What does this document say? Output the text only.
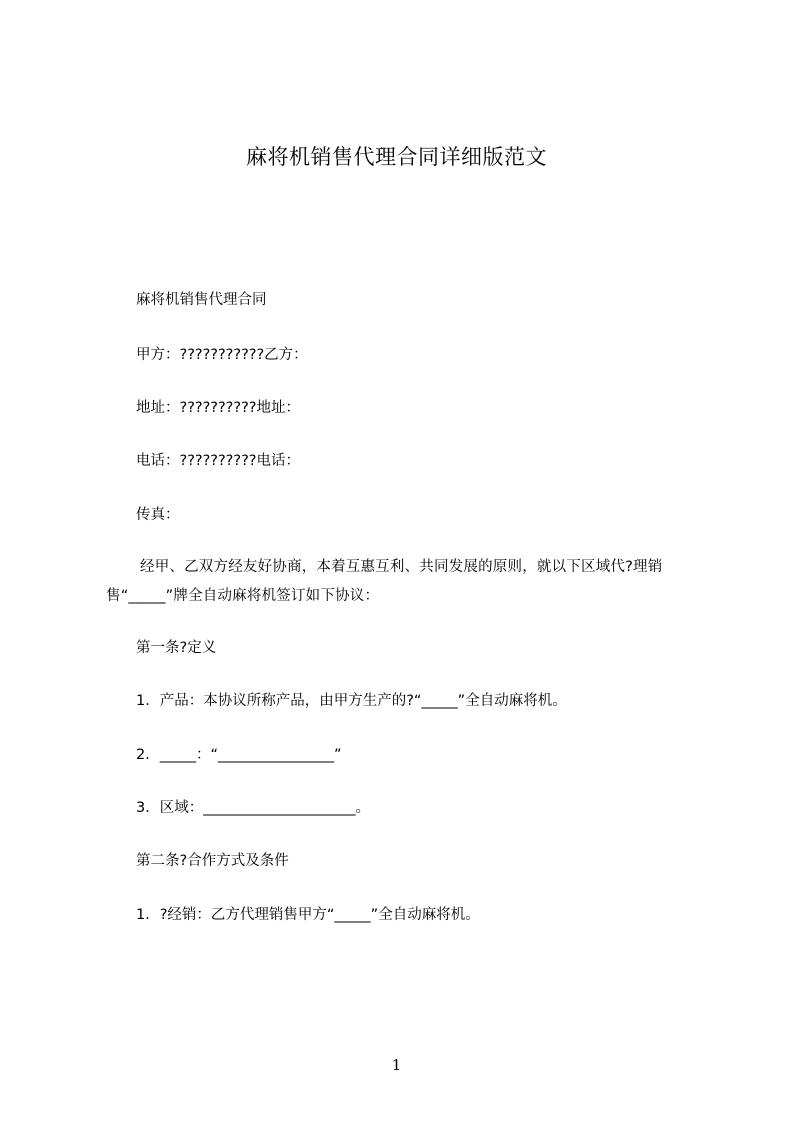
麻将机销售代理合同详细版范文
麻将机销售代理合同
甲方：???????????乙方：
地址：??????????地址：
电话：??????????电话：
传真：
经甲、乙双方经友好协商，本着互惠互利、共同发展的原则，就以下区域代?理销售“_____”牌全自动麻将机签订如下协议：
第一条?定义
1．产品：本协议所称产品，由甲方生产的?“_____”全自动麻将机。
2．_____：“________________”
3．区域：_____________________。
第二条?合作方式及条件
1．?经销：乙方代理销售甲方“_____”全自动麻将机。
1
